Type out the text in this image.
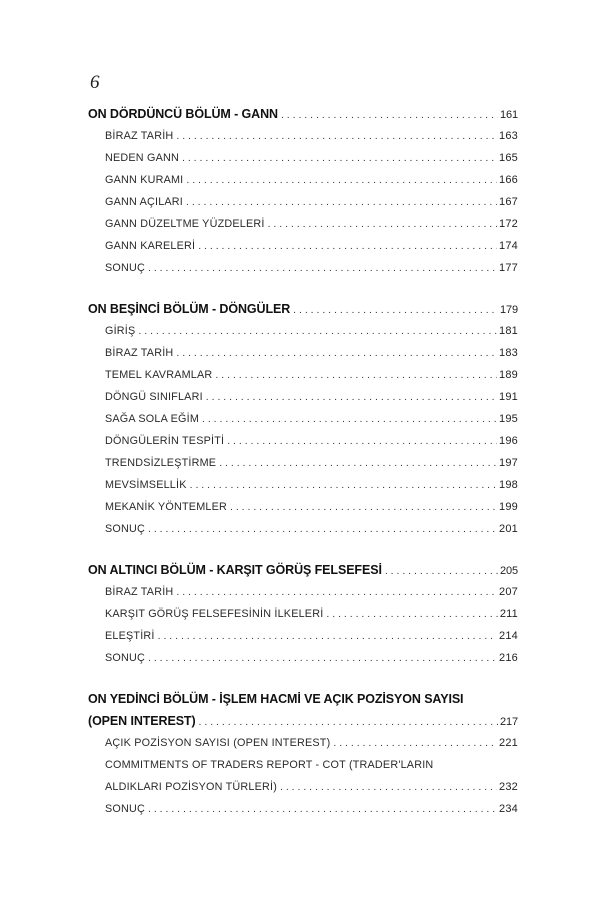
6
ON DÖRDÜNCÜ BÖLÜM - GANN . . .	161
BİRAZ TARİH . . .	163
NEDEN GANN . . .	165
GANN KURAMI . . .	166
GANN AÇILARI . . .	167
GANN DÜZELTME YÜZDELERİ . . .	172
GANN KARELERİ . . .	174
SONUÇ . . .	177
ON BEŞİNCİ BÖLÜM - DÖNGÜLER . . .	179
GİRİŞ . . .	181
BİRAZ TARİH . . .	183
TEMEL KAVRAMLAR . . .	189
DÖNGÜ SINIFLARI . . .	191
SAĞA SOLA EĞİM . . .	195
DÖNGÜLERİN TESPİTİ . . .	196
TRENDSİZLEŞTİRME . . .	197
MEVSİMSELLİK . . .	198
MEKANİK YÖNTEMLER . . .	199
SONUÇ . . .	201
ON ALTINCI BÖLÜM - KARŞIT GÖRÜŞ FELSEFESİ . . .	205
BİRAZ TARİH . . .	207
KARŞIT GÖRÜŞ FELSEFESİNİN İLKELERİ . . .	211
ELEŞTİRİ . . .	214
SONUÇ . . .	216
ON YEDİNCİ BÖLÜM - İŞLEM HACMİ VE AÇIK POZİSYON SAYISI
(OPEN INTEREST) . . .	217
AÇIK POZİSYON SAYISI (OPEN INTEREST) . . .	221
COMMITMENTS OF TRADERS REPORT - COT (TRADER'LARIN
ALDIKLARI POZİSYON TÜRLERİ) . . .	232
SONUÇ . . .	234
